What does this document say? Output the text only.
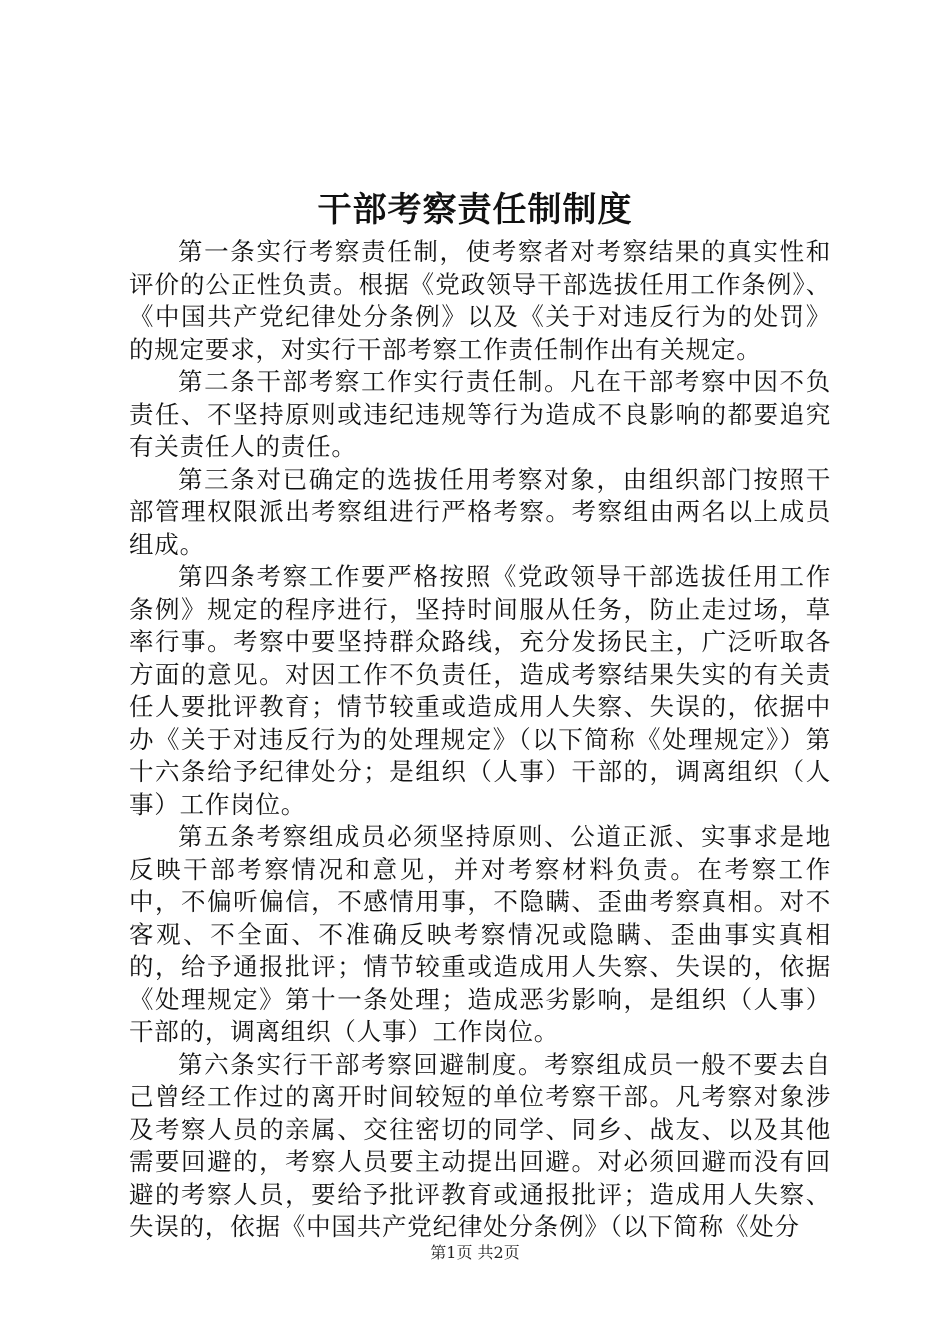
干部考察责任制制度

第一条实行考察责任制，使考察者对考察结果的真实性和评价的公正性负责。根据《党政领导干部选拔任用工作条例》、《中国共产党纪律处分条例》以及《关于对违反行为的处罚》的规定要求，对实行干部考察工作责任制作出有关规定。

第二条干部考察工作实行责任制。凡在干部考察中因不负责任、不坚持原则或违纪违规等行为造成不良影响的都要追究有关责任人的责任。

第三条对已确定的选拔任用考察对象，由组织部门按照干部管理权限派出考察组进行严格考察。考察组由两名以上成员组成。

第四条考察工作要严格按照《党政领导干部选拔任用工作条例》规定的程序进行，坚持时间服从任务，防止走过场，草率行事。考察中要坚持群众路线，充分发扬民主，广泛听取各方面的意见。对因工作不负责任，造成考察结果失实的有关责任人要批评教育；情节较重或造成用人失察、失误的，依据中办《关于对违反行为的处理规定》（以下简称《处理规定》）第十六条给予纪律处分；是组织（人事）干部的，调离组织（人事）工作岗位。

第五条考察组成员必须坚持原则、公道正派、实事求是地反映干部考察情况和意见，并对考察材料负责。在考察工作中，不偏听偏信，不感情用事，不隐瞒、歪曲考察真相。对不客观、不全面、不准确反映考察情况或隐瞒、歪曲事实真相的，给予通报批评；情节较重或造成用人失察、失误的，依据《处理规定》第十一条处理；造成恶劣影响，是组织（人事）干部的，调离组织（人事）工作岗位。

第六条实行干部考察回避制度。考察组成员一般不要去自己曾经工作过的离开时间较短的单位考察干部。凡考察对象涉及考察人员的亲属、交往密切的同学、同乡、战友、以及其他需要回避的，考察人员要主动提出回避。对必须回避而没有回避的考察人员，要给予批评教育或通报批评；造成用人失察、失误的，依据《中国共产党纪律处分条例》（以下简称《处分

第1页 共2页
